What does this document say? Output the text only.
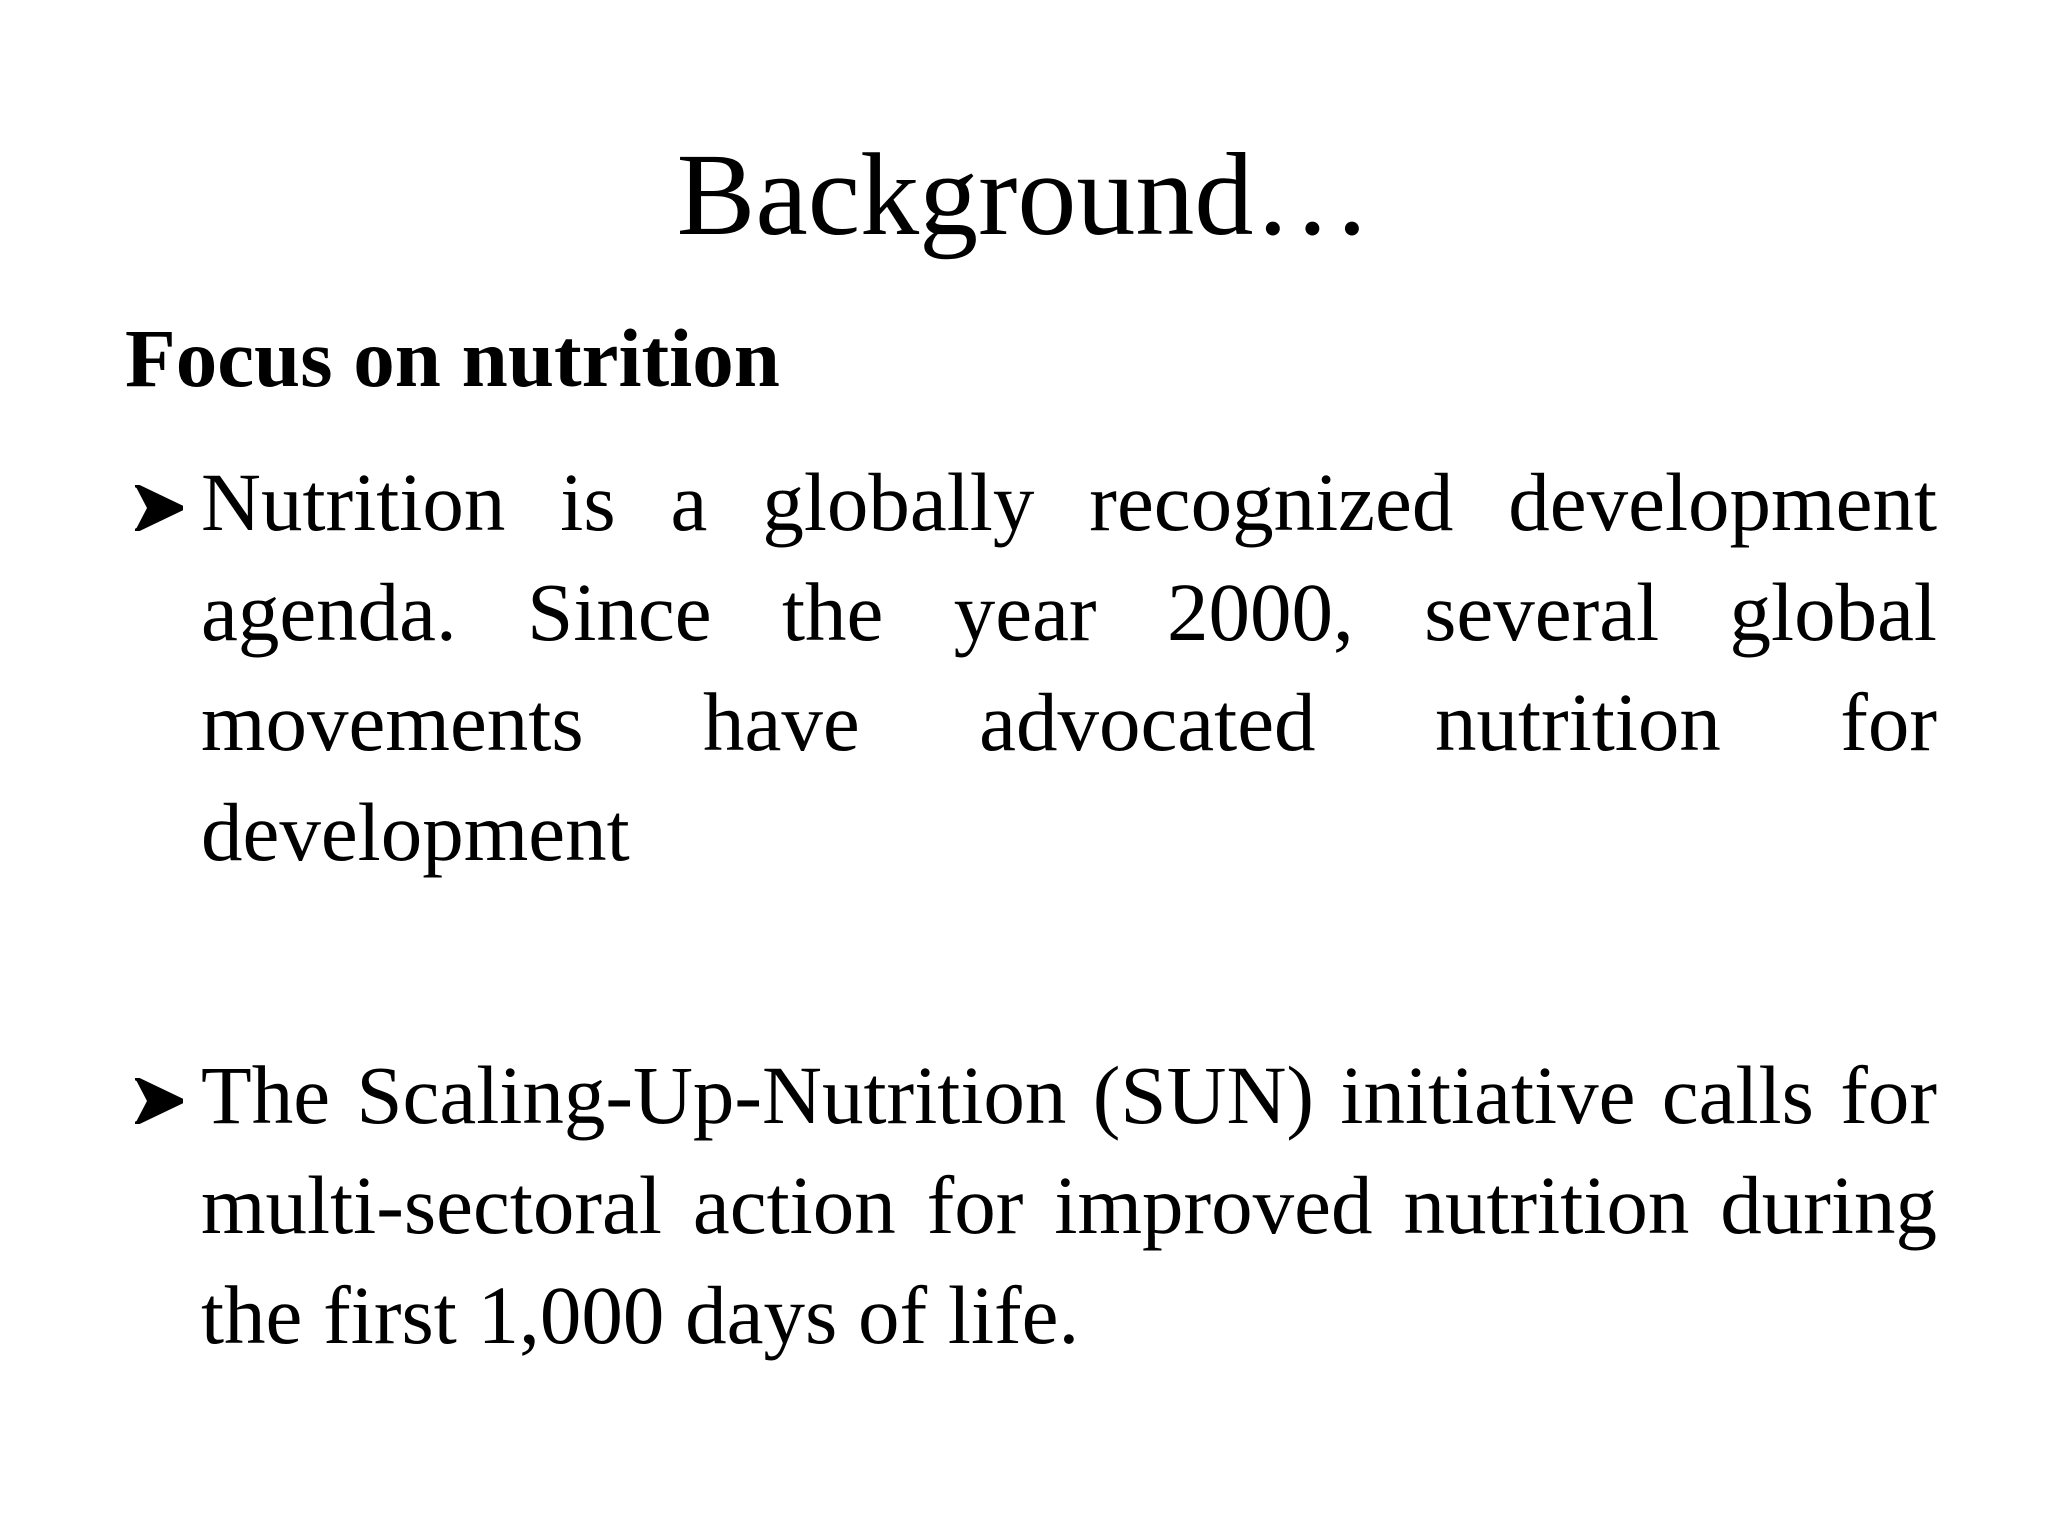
Background…
Focus on nutrition

Nutrition is a globally recognized development agenda. Since the year 2000, several global movements have advocated nutrition for development

The Scaling-Up-Nutrition (SUN) initiative calls for multi-sectoral action for improved nutrition during the first 1,000 days of life.
